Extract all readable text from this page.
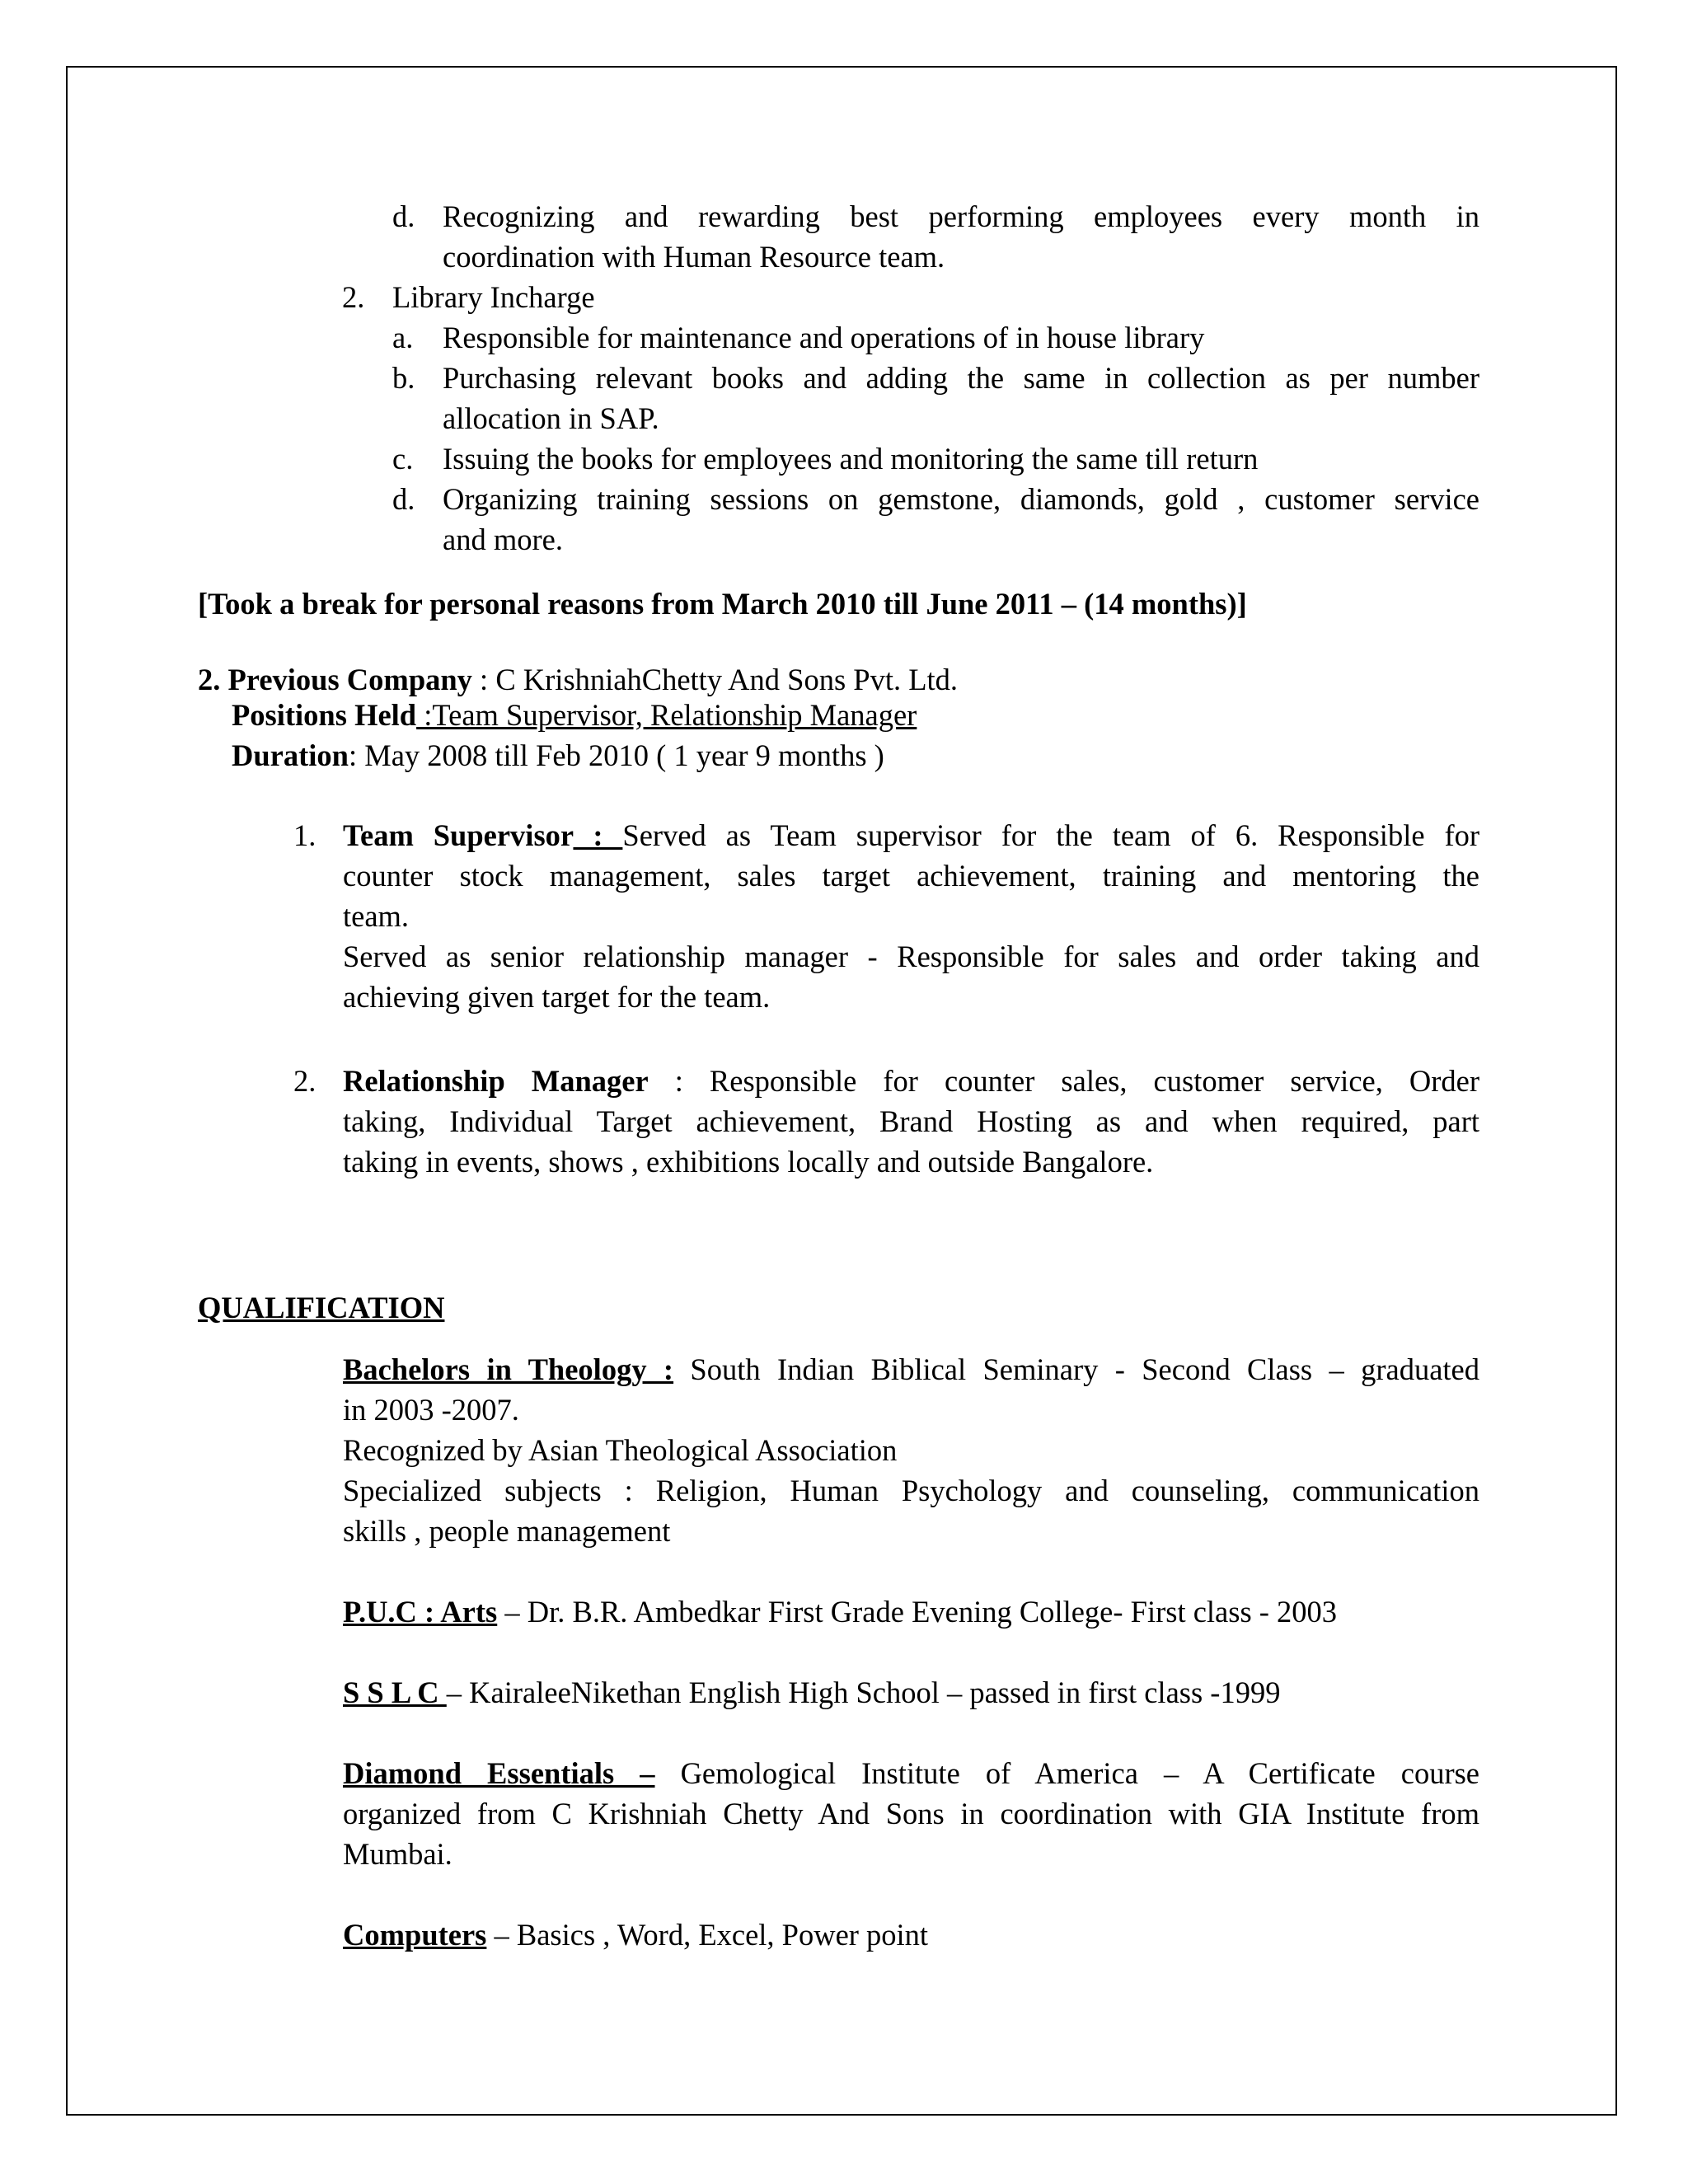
d. Recognizing and rewarding best performing employees every month in
coordination with Human Resource team.
2. Library Incharge
a. Responsible for maintenance and operations of in house library
b. Purchasing relevant books and adding the same in collection as per number
allocation in SAP.
c. Issuing the books for employees and monitoring the same till return
d. Organizing training sessions on gemstone, diamonds, gold , customer service
and more.
[Took a break for personal reasons from March 2010 till June 2011 – (14 months)]
2. Previous Company : C KrishniahChetty And Sons Pvt. Ltd.
Positions Held :Team Supervisor, Relationship Manager
Duration: May 2008 till Feb 2010 ( 1 year 9 months )
1. Team Supervisor : Served as Team supervisor for the team of 6. Responsible for
counter stock management, sales target achievement, training and mentoring the
team.
Served as senior relationship manager - Responsible for sales and order taking and
achieving given target for the team.
2. Relationship Manager : Responsible for counter sales, customer service, Order
taking, Individual Target achievement, Brand Hosting as and when required, part
taking in events, shows , exhibitions locally and outside Bangalore.
QUALIFICATION
Bachelors in Theology : South Indian Biblical Seminary - Second Class – graduated
in 2003 -2007.
Recognized by Asian Theological Association
Specialized subjects : Religion, Human Psychology and counseling, communication
skills , people management
P.U.C : Arts – Dr. B.R. Ambedkar First Grade Evening College- First class - 2003
S S L C – KairaleeNikethan English High School – passed in first class -1999
Diamond Essentials – Gemological Institute of America – A Certificate course
organized from C Krishniah Chetty And Sons in coordination with GIA Institute from
Mumbai.
Computers – Basics , Word, Excel, Power point
